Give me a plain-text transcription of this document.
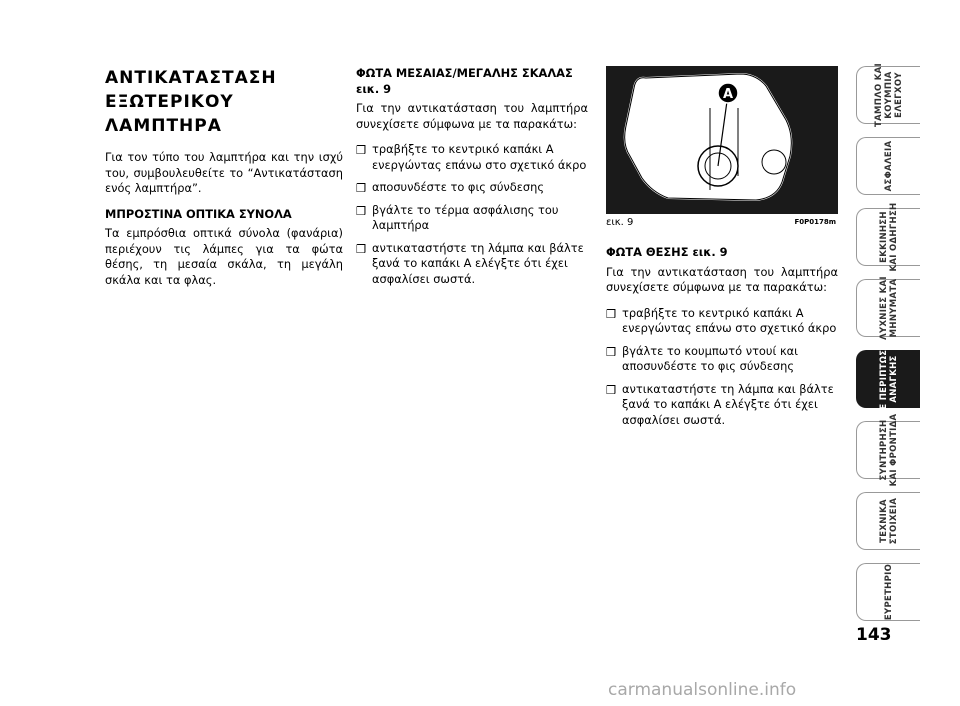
ΑΝΤΙΚΑΤΑΣΤΑΣΗ ΕΞΩΤΕΡΙΚΟΥ ΛΑΜΠΤΗΡΑ

Για τον τύπο του λαμπτήρα και την ισχύ του, συμβουλευθείτε το “Αντικατάσταση ενός λαμπτήρα”.

ΜΠΡΟΣΤΙΝΑ ΟΠΤΙΚΑ ΣΥΝΟΛΑ

Τα εμπρόσθια οπτικά σύνολα (φανάρια) περιέχουν τις λάμπες για τα φώτα θέσης, τη μεσαία σκάλα, τη μεγάλη σκάλα και τα φλας.

ΦΩΤΑ ΜΕΣΑΙΑΣ/ΜΕΓΑΛΗΣ ΣΚΑΛΑΣ εικ. 9

Για την αντικατάσταση του λαμπτήρα συνεχίσετε σύμφωνα με τα παρακάτω:

❒ τραβήξτε το κεντρικό καπάκι A ενεργώντας επάνω στο σχετικό άκρο
❒ αποσυνδέστε το φις σύνδεσης
❒ βγάλτε το τέρμα ασφάλισης του λαμπτήρα
❒ αντικαταστήστε τη λάμπα και βάλτε ξανά το καπάκι A ελέγξτε ότι έχει ασφαλίσει σωστά.
A
εικ. 9	F0P0178m
ΦΩΤΑ ΘΕΣΗΣ εικ. 9

Για την αντικατάσταση του λαμπτήρα συνεχίσετε σύμφωνα με τα παρακάτω:

❒ τραβήξτε το κεντρικό καπάκι A ενεργώντας επάνω στο σχετικό άκρο
❒ βγάλτε το κουμπωτό ντουί και αποσυνδέστε το φις σύνδεσης
❒ αντικαταστήστε τη λάμπα και βάλτε ξανά το καπάκι A ελέγξτε ότι έχει ασφαλίσει σωστά.
ΤΑΜΠΛΟ ΚΑΙ
ΚΟΥΜΠΙΑ
ΕΛΕΓΧΟΥ
ΑΣΦΑΛΕΙΑ
ΕΚΚΙΝΗΣΗ
ΚΑΙ ΟΔΗΓΗΣΗ
ΛΥΧΝΙΕΣ ΚΑΙ
ΜΗΝΥΜΑΤΑ
ΣΕ ΠΕΡΙΠΤΩΣΗ
ΑΝΑΓΚΗΣ
ΣΥΝΤΗΡΗΣΗ
ΚΑΙ ΦΡΟΝΤΙΔΑ
ΤΕΧΝΙΚΑ
ΣΤΟΙΧΕΙΑ
ΕΥΡΕΤΗΡΙΟ
143
carmanualsonline.info
